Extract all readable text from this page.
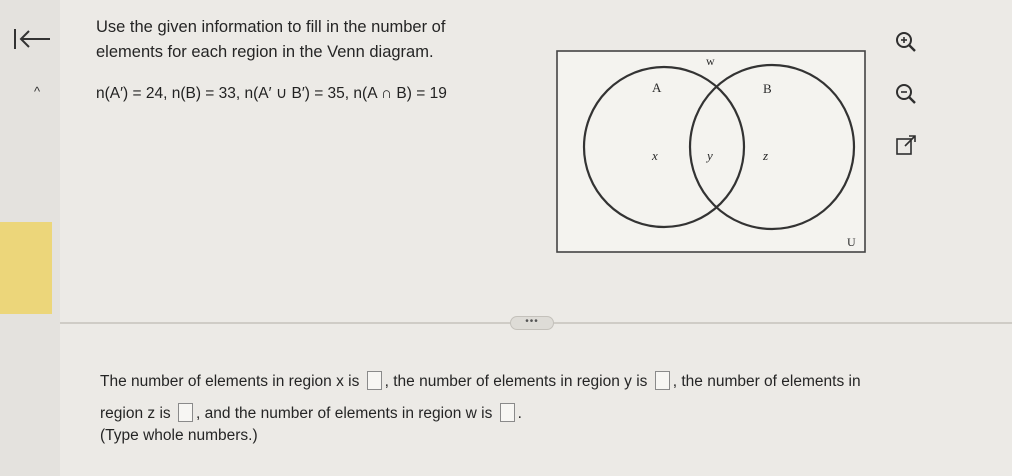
^
Use the given information to fill in the number of elements for each region in the Venn diagram.
n(A′) = 24, n(B) = 33, n(A′ ∪ B′) = 35, n(A ∩ B) = 19
w
A	B
x	y	z
U
•••
The number of elements in region x is , the number of elements in region y is , the number of elements in
region z is , and the number of elements in region w is .
(Type whole numbers.)
